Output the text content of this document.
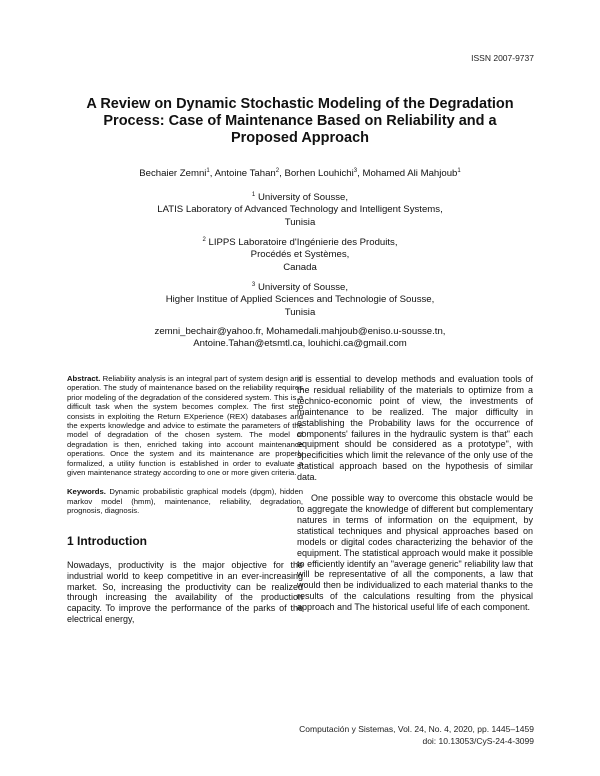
ISSN 2007-9737
A Review on Dynamic Stochastic Modeling of the Degradation
Process: Case of Maintenance Based on Reliability and a
Proposed Approach
Bechaier Zemni$^1$, Antoine Tahan$^2$, Borhen Louhichi$^3$, Mohamed Ali Mahjoub$^1$
$^1$ University of Sousse,
LATIS Laboratory of Advanced Technology and Intelligent Systems,
Tunisia
$^2$ LIPPS Laboratoire d'Ingénierie des Produits,
Procédés et Systèmes,
Canada
$^3$ University of Sousse,
Higher Institue of Applied Sciences and Technologie of Sousse,
Tunisia
zemni_bechair@yahoo.fr, Mohamedali.mahjoub@eniso.u-sousse.tn,
Antoine.Tahan@etsmtl.ca, louhichi.ca@gmail.com

Abstract. Reliability analysis is an integral part of system design and operation. The study of maintenance based on the reliability requires prior modeling of the degradation of the considered system. This is a difficult task when the system becomes complex. The first step consists in exploiting the Return EXperience (REX) databases and the experts knowledge and advice to estimate the parameters of the model of degradation of the chosen system. The model of degradation is then, enriched taking into account maintenance operations. Once the system and its maintenance are properly formalized, a utility function is established in order to evaluate a given maintenance strategy according to one or more given criteria.

Keywords. Dynamic probabilistic graphical models (dpgm), hidden markov model (hmm), maintenance, reliability, degradation, prognosis, diagnosis.

1 Introduction

Nowadays, productivity is the major objective for the industrial world to keep competitive in an ever-increasing market. So, increasing the productivity can be realized through increasing the availability of the production capacity. To improve the performance of the parks of the electrical energy,

it is essential to develop methods and evaluation tools of the residual reliability of the materials to optimize from a technico-economic point of view, the investments of maintenance to be realized. The major difficulty in establishing the Probability laws for the occurrence of components' failures in the hydraulic system is that" each equipment should be considered as a prototype", with specificities which limit the relevance of the only use of the statistical approach based on the hypothesis of similar data.

One possible way to overcome this obstacle would be to aggregate the knowledge of different but complementary natures in terms of information on the equipment, by statistical techniques and physical approaches based on models or digital codes characterizing the behavior of the equipment. The statistical approach would make it possible to efficiently identify an "average generic" reliability law that will be representative of all the components, a law that would then be individualized to each material thanks to the results of the calculations resulting from the physical approach and The historical useful life of each component.

Computación y Sistemas, Vol. 24, No. 4, 2020, pp. 1445–1459
doi: 10.13053/CyS-24-4-3099
